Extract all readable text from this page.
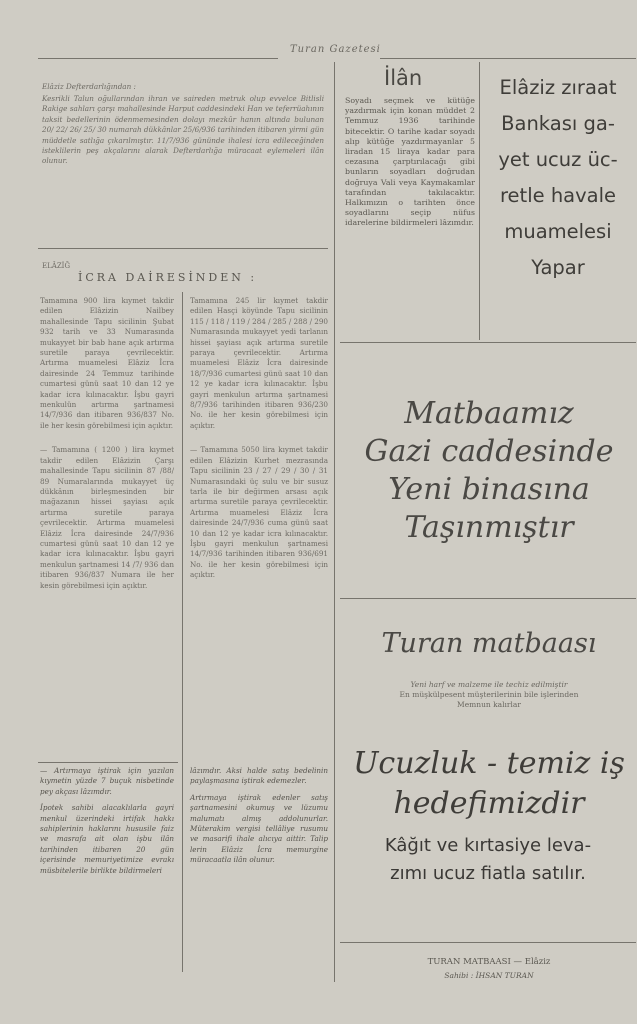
Turan Gazetesi
Elâziz Defterdarlığından :
Kesrikli Talun oğullarından ihran ve saireden metruk olup evvelce Bitlisli Rakige sahları çarşı mahallesinde Harput caddesindeki Han ve teferrüahının taksit bedellerinin ödenmemesinden dolayı mezkûr hanın altında bulunan 20/ 22/ 26/ 25/ 30 numarah dükkânlar 25/6/936 tarihinden itibaren yirmi gün müddetle satlığa çıkarılmıştır. 11/7/936 gününde ihalesi icra edileceğinden isteklilerin peş akçalarını alarak Defterdarlığa müracaat eylemeleri ilân olunur.
ELÂZİĞ
İCRA DAİRESİNDEN :

Tamamına 900 lira kıymet takdir edilen Elâzizin Nailbey mahallesinde Tapu sicilinin Şubat 932 tarih ve 33 Numarasında mukayyet bir bab hane açık artırma suretile paraya çevrilecektir. Artırma muamelesi Elâziz İcra dairesinde 24 Temmuz tarihinde cumartesi günü saat 10 dan 12 ye kadar icra kılınacaktır. İşbu gayri menkulün artırma şartnamesi 14/7/936 dan itibaren 936/837 No. ile her kesin görebilmesi için açıktır.

— Tamamına ( 1200 ) lira kıymet takdir edilen Elâzizin Çarşı mahallesinde Tapu sicilinin 87 /88/ 89 Numaralarında mukayyet üç dükkânın birleşmesinden bir mağazanın hissei şayiası açık artırma suretile paraya çevrilecektir. Artırma muamelesi Elâziz İcra dairesinde 24/7/936 cumartesi günü saat 10 dan 12 ye kadar icra kılınacaktır. İşbu gayri menkulun şartnamesi 14 /7/ 936 dan itibaren 936/837 Numara ile her kesin görebilmesi için açıktır.

Tamamına 245 lir kıymet takdir edilen Hasçi köyünde Tapu sicilinin 115 / 118 / 119 / 284 / 285 / 288 / 290 Numarasında mukayyet yedi tarlanın hissei şayiası açık artırma suretile paraya çevrilecektir. Artırma muamelesi Elâziz İcra dairesinde 18/7/936 cumartesi günü saat 10 dan 12 ye kadar icra kılınacaktır. İşbu gayri menkulun artırma şartnamesi 8/7/936 tarihinden itibaren 936/230 No. ile her kesin görebilmesi için açıktır.

— Tamamına 5050 lira kıymet takdir edilen Elâzizin Kurhet mezrasında Tapu sicilinin 23 / 27 / 29 / 30 / 31 Numarasındaki üç sulu ve bir susuz tarla ile bir değirmen arsası açık artırma suretile paraya çevrilecektir. Artırma muamelesi Elâziz İcra dairesinde 24/7/936 cuma günü saat 10 dan 12 ye kadar icra kılınacaktır. İşbu gayri menkulun şartnamesi 14/7/936 tarihinden itibaren 936/691 No. ile her kesin görebilmesi için açıktır.

— Artırmaya iştirak için yazılan kıymetin yüzde 7 buçuk nisbetinde pey akçası lâzımdır.

İpotek sahibi alacaklılarla gayri menkul üzerindeki irtifak hakkı sahiplerinin haklarını hususile faiz ve masrafa ait olan işbu ilân tarihinden itibaren 20 gün içerisinde memuriyetimize evrakı müsbitelerile birlikte bildirmeleri

lâzımdır. Aksi halde satış bedelinin paylaşmasına iştirak edemezler.

Artırmaya iştirak edenler satış şartnamesini okumuş ve lüzumu malumatı almış addolunurlar. Müterakim vergisi tellâliye rusumu ve masarifi ihale alıcıya aittir. Talip lerin Elâziz İcra memurgine müracaatla ilân olunur.

İlân
Soyadı seçmek ve kütüğe yazdırmak için konan müddet 2 Temmuz 1936 tarihinde bitecektir. O tarihe kadar soyadı alıp kütüğe yazdırmayanlar 5 liradan 15 liraya kadar para cezasına çarptırılacağı gibi bunların soyadları doğrudan doğruya Vali veya Kaymakamlar tarafından takılacaktır. Halkımızın o tarihten önce soyadlarını seçip nüfus idarelerine bildirmeleri lâzımdır.
Elâziz zıraat
Bankası ga-
yet ucuz üc-
retle havale
muamelesi
Yapar
Matbaamız
Gazi caddesinde
Yeni binasına
Taşınmıştır
Turan matbaası
Yeni harf ve malzeme ile techiz edilmiştir
En müşkülpesent müşterilerinin bile işlerinden
Memnun kalırlar
Ucuzluk - temiz iş
hedefimizdir
Kâğıt ve kırtasiye leva-
zımı ucuz fiatla satılır.
TURAN MATBAASI — Elâziz
Sahibi : İHSAN TURAN
